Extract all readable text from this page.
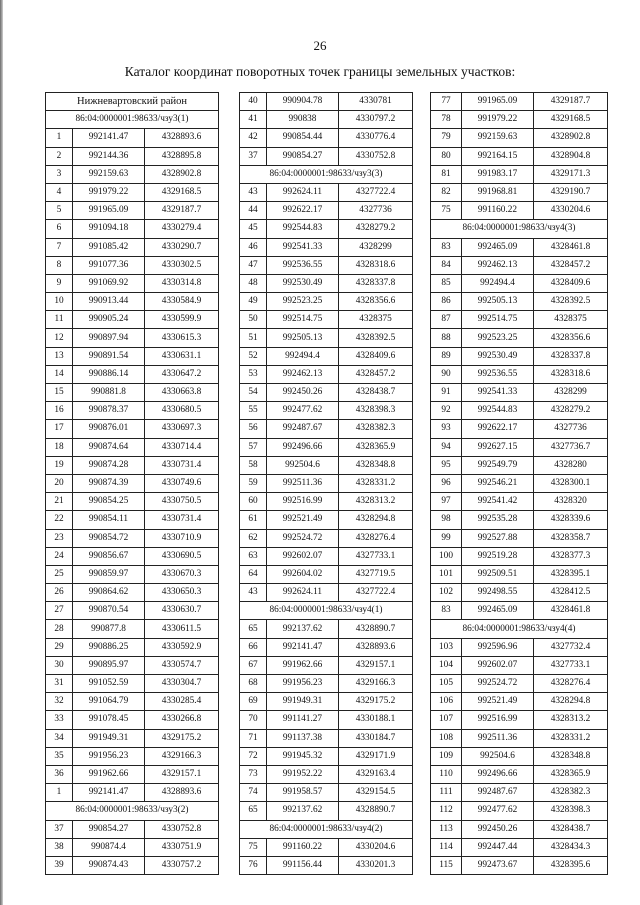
26
Каталог координат поворотных точек границы земельных участков:
Нижневартовский район		
86:04:0000001:98633/чзу3(1)		
1	992141.47	4328893.6
2	992144.36	4328895.8
3	992159.63	4328902.8
4	991979.22	4329168.5
5	991965.09	4329187.7
6	991094.18	4330279.4
7	991085.42	4330290.7
8	991077.36	4330302.5
9	991069.92	4330314.8
10	990913.44	4330584.9
11	990905.24	4330599.9
12	990897.94	4330615.3
13	990891.54	4330631.1
14	990886.14	4330647.2
15	990881.8	4330663.8
16	990878.37	4330680.5
17	990876.01	4330697.3
18	990874.64	4330714.4
19	990874.28	4330731.4
20	990874.39	4330749.6
21	990854.25	4330750.5
22	990854.11	4330731.4
23	990854.72	4330710.9
24	990856.67	4330690.5
25	990859.97	4330670.3
26	990864.62	4330650.3
27	990870.54	4330630.7
28	990877.8	4330611.5
29	990886.25	4330592.9
30	990895.97	4330574.7
31	991052.59	4330304.7
32	991064.79	4330285.4
33	991078.45	4330266.8
34	991949.31	4329175.2
35	991956.23	4329166.3
36	991962.66	4329157.1
1	992141.47	4328893.6
86:04:0000001:98633/чзу3(2)		
37	990854.27	4330752.8
38	990874.4	4330751.9
39	990874.43	4330757.2
40	990904.78	4330781
41	990838	4330797.2
42	990854.44	4330776.4
37	990854.27	4330752.8
86:04:0000001:98633/чзу3(3)		
43	992624.11	4327722.4
44	992622.17	4327736
45	992544.83	4328279.2
46	992541.33	4328299
47	992536.55	4328318.6
48	992530.49	4328337.8
49	992523.25	4328356.6
50	992514.75	4328375
51	992505.13	4328392.5
52	992494.4	4328409.6
53	992462.13	4328457.2
54	992450.26	4328438.7
55	992477.62	4328398.3
56	992487.67	4328382.3
57	992496.66	4328365.9
58	992504.6	4328348.8
59	992511.36	4328331.2
60	992516.99	4328313.2
61	992521.49	4328294.8
62	992524.72	4328276.4
63	992602.07	4327733.1
64	992604.02	4327719.5
43	992624.11	4327722.4
86:04:0000001:98633/чзу4(1)		
65	992137.62	4328890.7
66	992141.47	4328893.6
67	991962.66	4329157.1
68	991956.23	4329166.3
69	991949.31	4329175.2
70	991141.27	4330188.1
71	991137.38	4330184.7
72	991945.32	4329171.9
73	991952.22	4329163.4
74	991958.57	4329154.5
65	992137.62	4328890.7
86:04:0000001:98633/чзу4(2)		
75	991160.22	4330204.6
76	991156.44	4330201.3
77	991965.09	4329187.7
78	991979.22	4329168.5
79	992159.63	4328902.8
80	992164.15	4328904.8
81	991983.17	4329171.3
82	991968.81	4329190.7
75	991160.22	4330204.6
86:04:0000001:98633/чзу4(3)		
83	992465.09	4328461.8
84	992462.13	4328457.2
85	992494.4	4328409.6
86	992505.13	4328392.5
87	992514.75	4328375
88	992523.25	4328356.6
89	992530.49	4328337.8
90	992536.55	4328318.6
91	992541.33	4328299
92	992544.83	4328279.2
93	992622.17	4327736
94	992627.15	4327736.7
95	992549.79	4328280
96	992546.21	4328300.1
97	992541.42	4328320
98	992535.28	4328339.6
99	992527.88	4328358.7
100	992519.28	4328377.3
101	992509.51	4328395.1
102	992498.55	4328412.5
83	992465.09	4328461.8
86:04:0000001:98633/чзу4(4)		
103	992596.96	4327732.4
104	992602.07	4327733.1
105	992524.72	4328276.4
106	992521.49	4328294.8
107	992516.99	4328313.2
108	992511.36	4328331.2
109	992504.6	4328348.8
110	992496.66	4328365.9
111	992487.67	4328382.3
112	992477.62	4328398.3
113	992450.26	4328438.7
114	992447.44	4328434.3
115	992473.67	4328395.6
